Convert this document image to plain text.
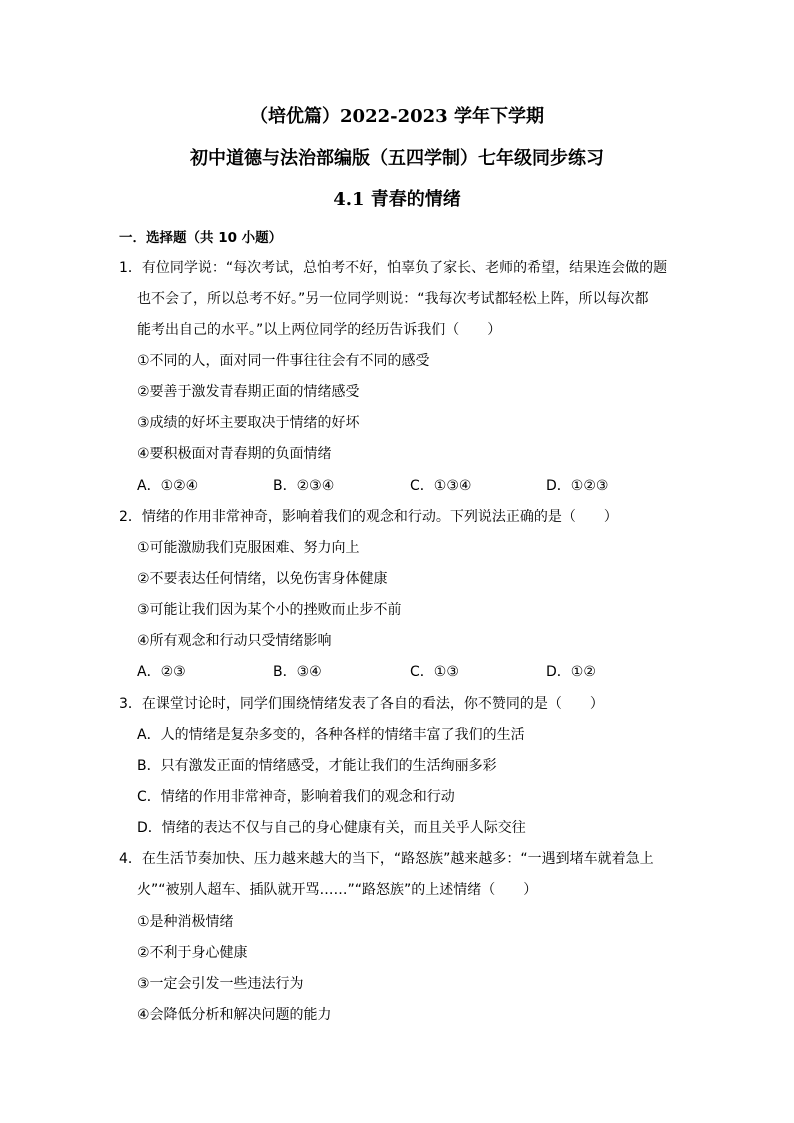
（培优篇）2022-2023 学年下学期
初中道德与法治部编版（五四学制）七年级同步练习
4.1 青春的情绪
一．选择题（共 10 小题）
1．有位同学说：“每次考试，总怕考不好，怕辜负了家长、老师的希望，结果连会做的题
也不会了，所以总考不好。”另一位同学则说：“我每次考试都轻松上阵，所以每次都
能考出自己的水平。”以上两位同学的经历告诉我们（　　）
①不同的人，面对同一件事往往会有不同的感受
②要善于激发青春期正面的情绪感受
③成绩的好坏主要取决于情绪的好坏
④要积极面对青春期的负面情绪
A．①②④	B．②③④	C．①③④	D．①②③
2．情绪的作用非常神奇，影响着我们的观念和行动。下列说法正确的是（　　）
①可能激励我们克服困难、努力向上
②不要表达任何情绪，以免伤害身体健康
③可能让我们因为某个小的挫败而止步不前
④所有观念和行动只受情绪影响
A．②③	B．③④	C．①③	D．①②
3．在课堂讨论时，同学们围绕情绪发表了各自的看法，你不赞同的是（　　）
A．人的情绪是复杂多变的，各种各样的情绪丰富了我们的生活
B．只有激发正面的情绪感受，才能让我们的生活绚丽多彩
C．情绪的作用非常神奇，影响着我们的观念和行动
D．情绪的表达不仅与自己的身心健康有关，而且关乎人际交往
4．在生活节奏加快、压力越来越大的当下，“路怒族”越来越多：“一遇到堵车就着急上
火”“被别人超车、插队就开骂……”“路怒族”的上述情绪（　　）
①是种消极情绪
②不利于身心健康
③一定会引发一些违法行为
④会降低分析和解决问题的能力
